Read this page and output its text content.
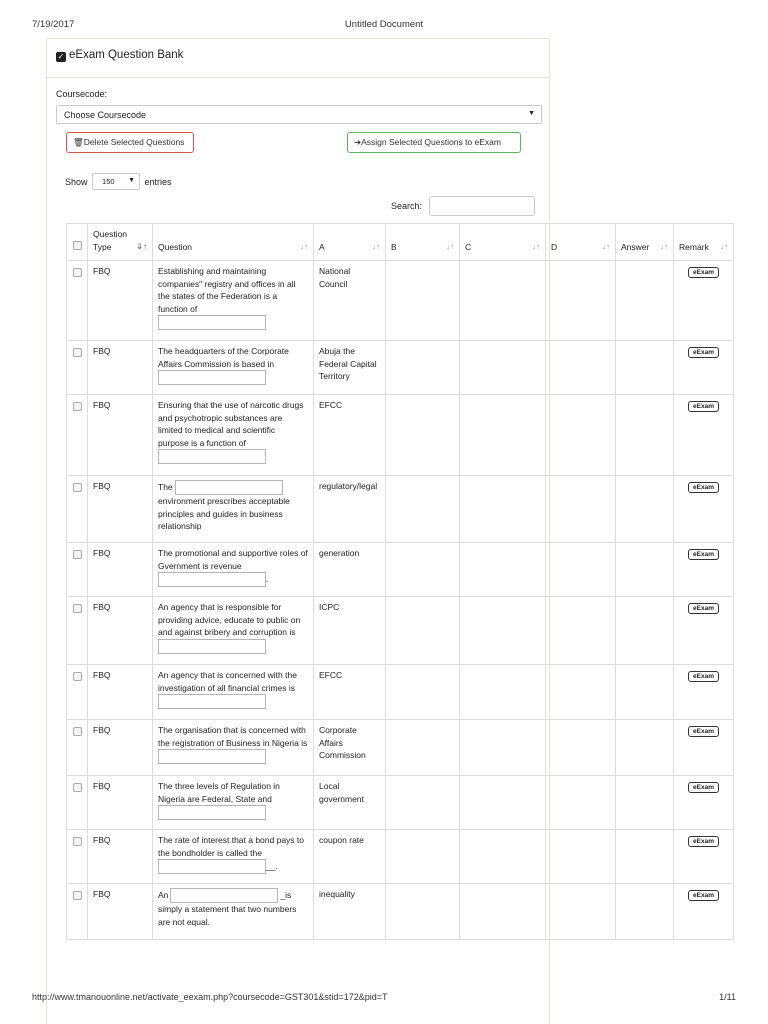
7/19/2017	Untitled Document
✓ eExam Question Bank
Coursecode:
Choose Coursecode	▼
🗑Delete Selected Questions	➔Assign Selected Questions to eExam
Show 150 ▼ entries
Search:
	Question Type ⇓↑	Question ↓↑	A ↓↑	B ↓↑	C ↓↑	D ↓↑	Answer ↓↑	Remark ↓↑

	FBQ	Establishing and maintaining companies" registry and offices in all the states of the Federation is a function of	National Council					eExam
	FBQ	The headquarters of the Corporate Affairs Commission is based in	Abuja the Federal Capital Territory					eExam
	FBQ	Ensuring that the use of narcotic drugs and psychotropic substances are limited to medical and scientific purpose is a function of	EFCC					eExam
	FBQ	Theenvironment prescribes acceptable principles and guides in business relationship	regulatory/legal					eExam
	FBQ	The promotional and supportive roles of Gvernment is revenue.	generation					eExam
	FBQ	An agency that is responsible for providing advice, educate to public on and against bribery and corruption is	ICPC					eExam
	FBQ	An agency that is concerned with the investigation of all financial crimes is	EFCC					eExam
	FBQ	The organisation that is concerned with the registration of Business in Nigeria is	Corporate Affairs Commission					eExam
	FBQ	The three levels of Regulation in Nigeria are Federal, State and	Local government					eExam
	FBQ	The rate of interest that a bond pays to the bondholder is called the__.	coupon rate					eExam
	FBQ	An _is simply a statement that two numbers are not equal.	inequality					eExam
http://www.tmanouonline.net/activate_eexam.php?coursecode=GST301&stid=172&pid=T	1/11
